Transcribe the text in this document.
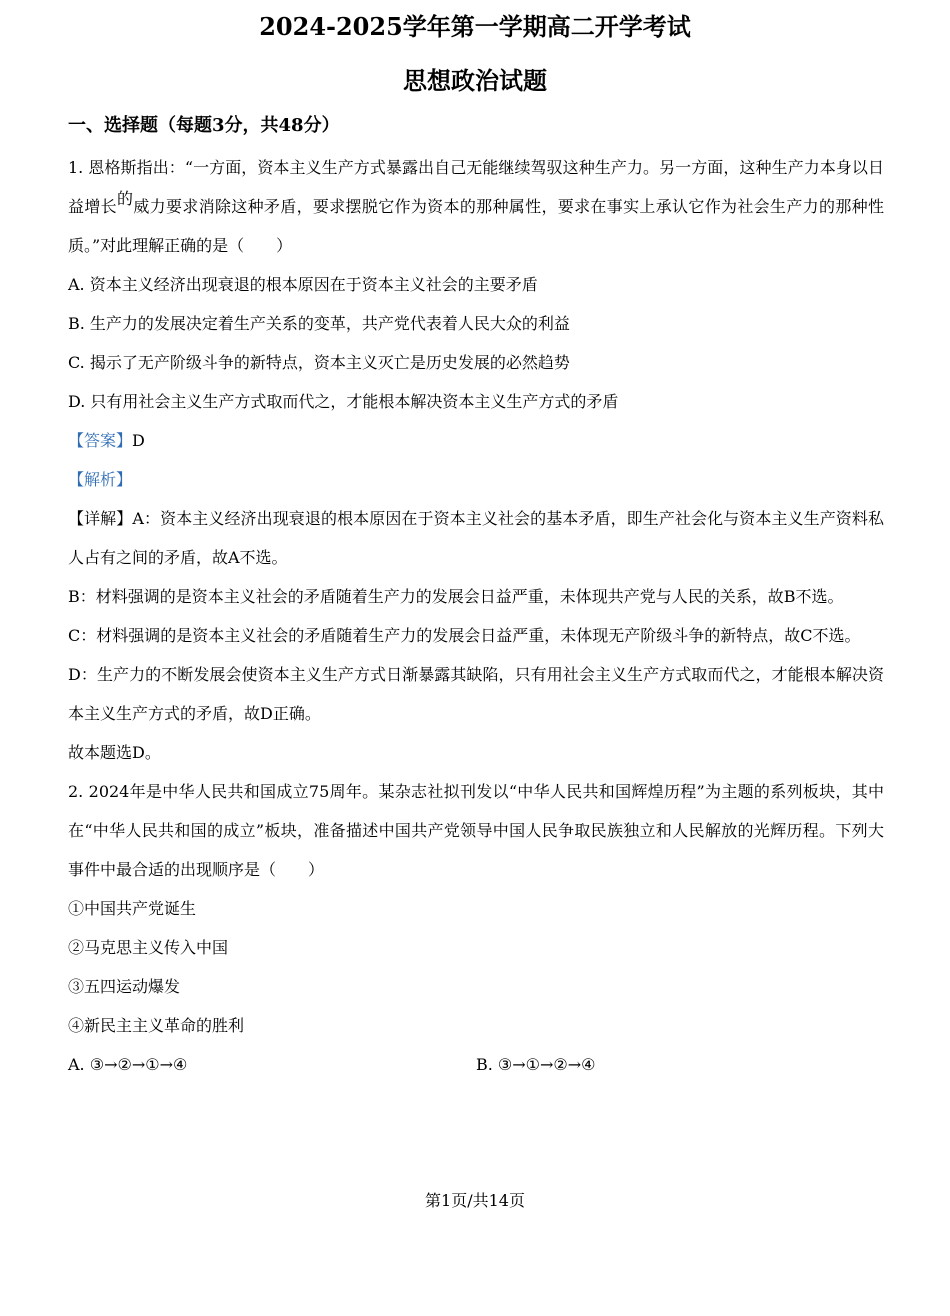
2024-2025学年第一学期高二开学考试
思想政治试题
一、选择题（每题3分，共48分）

1. 恩格斯指出：“一方面，资本主义生产方式暴露出自己无能继续驾驭这种生产力。另一方面，这种生产力本身以日益增长的威力要求消除这种矛盾，要求摆脱它作为资本的那种属性，要求在事实上承认它作为社会生产力的那种性质。”对此理解正确的是（　　）

A. 资本主义经济出现衰退的根本原因在于资本主义社会的主要矛盾

B. 生产力的发展决定着生产关系的变革，共产党代表着人民大众的利益

C. 揭示了无产阶级斗争的新特点，资本主义灭亡是历史发展的必然趋势

D. 只有用社会主义生产方式取而代之，才能根本解决资本主义生产方式的矛盾

【答案】D

【解析】

【详解】A：资本主义经济出现衰退的根本原因在于资本主义社会的基本矛盾，即生产社会化与资本主义生产资料私人占有之间的矛盾，故A不选。

B：材料强调的是资本主义社会的矛盾随着生产力的发展会日益严重，未体现共产党与人民的关系，故B不选。

C：材料强调的是资本主义社会的矛盾随着生产力的发展会日益严重，未体现无产阶级斗争的新特点，故C不选。

D：生产力的不断发展会使资本主义生产方式日渐暴露其缺陷，只有用社会主义生产方式取而代之，才能根本解决资本主义生产方式的矛盾，故D正确。

故本题选D。

2. 2024年是中华人民共和国成立75周年。某杂志社拟刊发以“中华人民共和国辉煌历程”为主题的系列板块，其中在“中华人民共和国的成立”板块，准备描述中国共产党领导中国人民争取民族独立和人民解放的光辉历程。下列大事件中最合适的出现顺序是（　　）

①中国共产党诞生

②马克思主义传入中国

③五四运动爆发

④新民主主义革命的胜利

A. ③→②→①→④	B. ③→①→②→④
第1页/共14页
